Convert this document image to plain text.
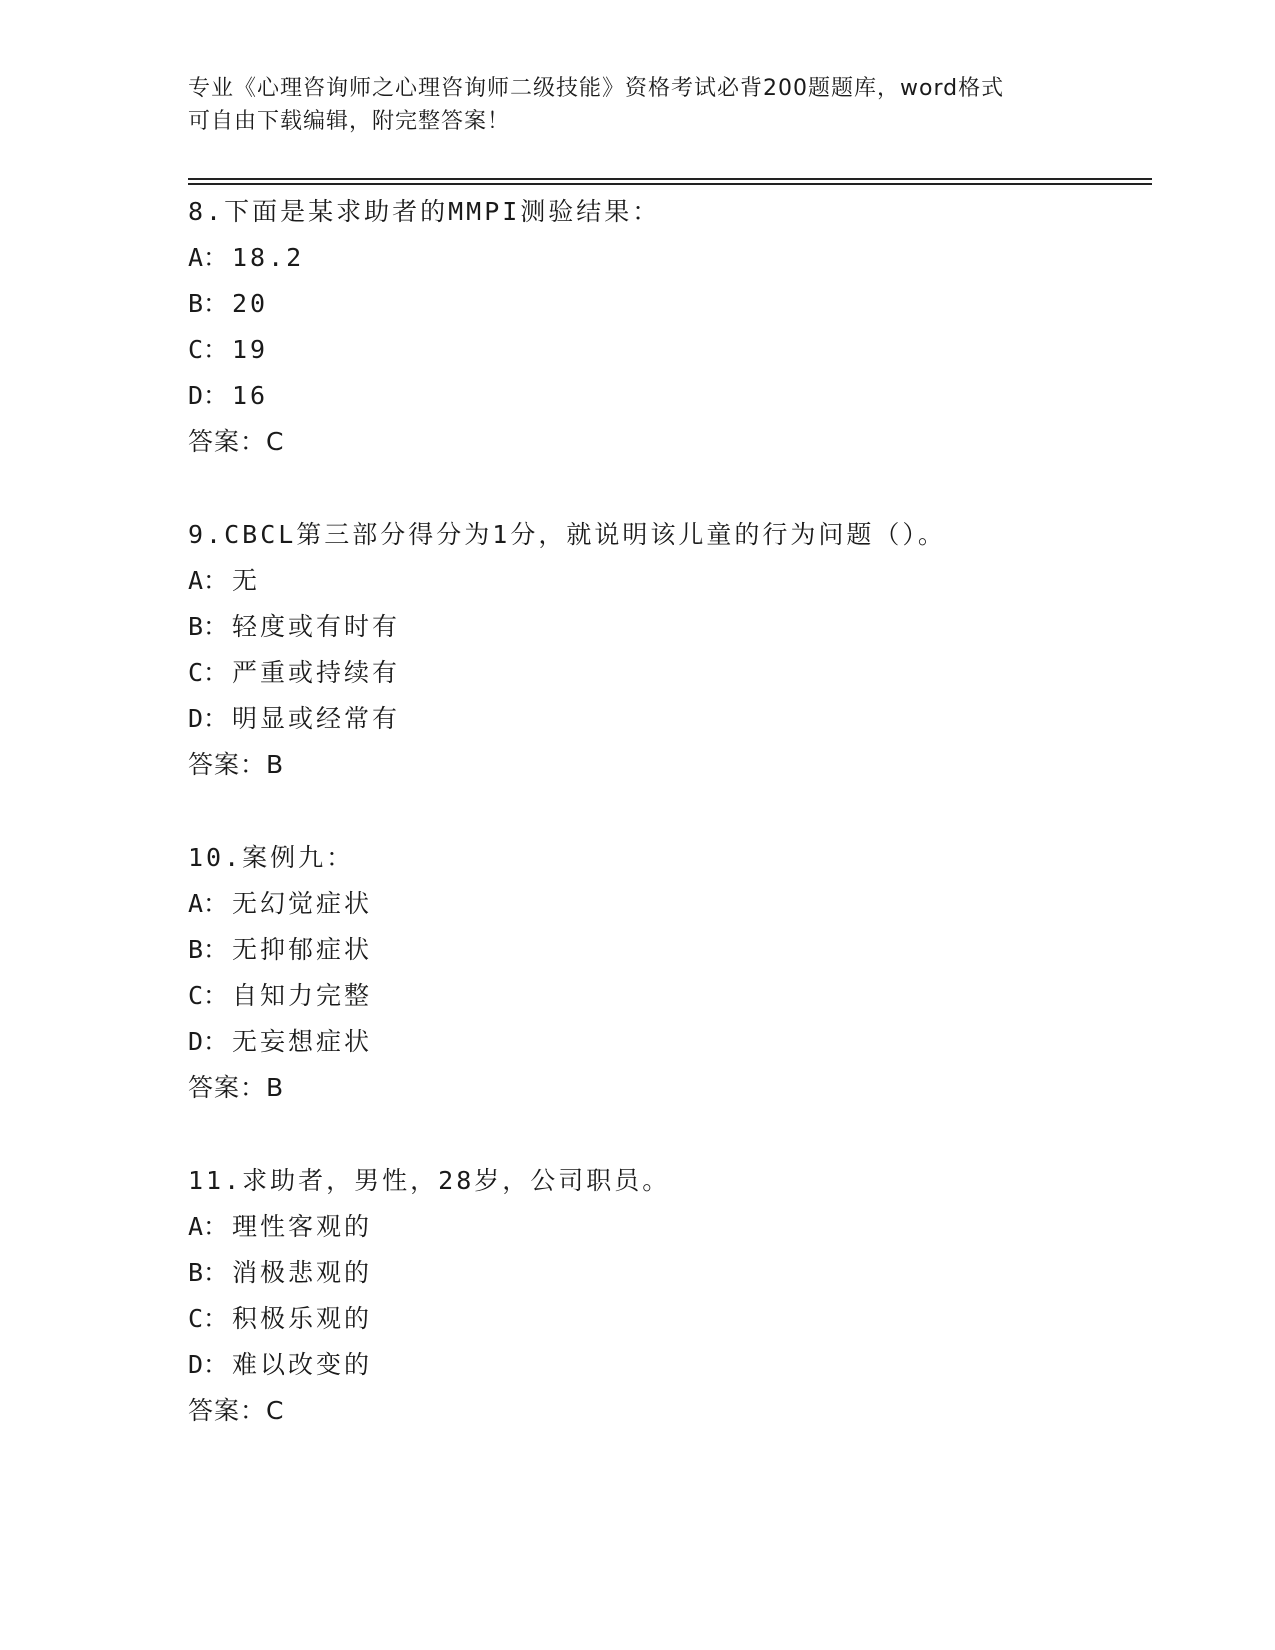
专业《心理咨询师之心理咨询师二级技能》资格考试必背200题题库，word格式
可自由下载编辑，附完整答案！
8.下面是某求助者的MMPI测验结果：
A： 18.2
B： 20
C： 19
D： 16
答案：C
9.CBCL第三部分得分为1分，就说明该儿童的行为问题（）。
A： 无
B： 轻度或有时有
C： 严重或持续有
D： 明显或经常有
答案：B
10.案例九：
A： 无幻觉症状
B： 无抑郁症状
C： 自知力完整
D： 无妄想症状
答案：B
11.求助者，男性，28岁，公司职员。
A： 理性客观的
B： 消极悲观的
C： 积极乐观的
D： 难以改变的
答案：C
